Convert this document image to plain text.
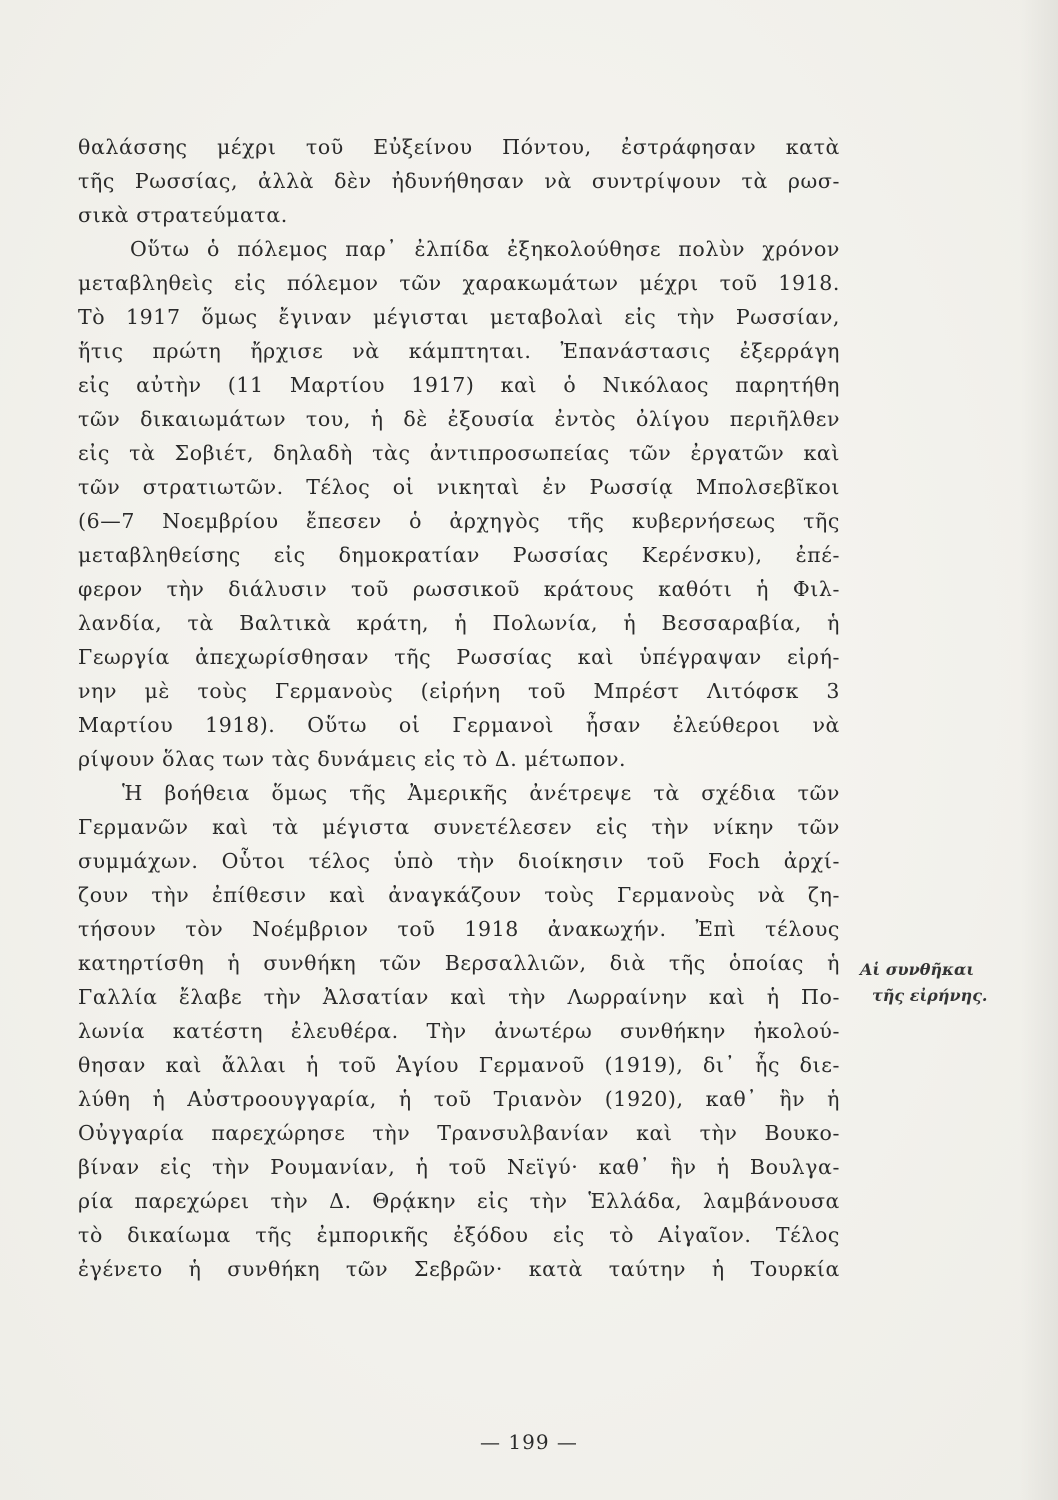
θαλάσσης μέχρι τοῦ Εὐξείνου Πόντου, ἐστράφησαν κατὰ
τῆς Ρωσσίας, ἀλλὰ δὲν ἠδυνήθησαν νὰ συντρίψουν τὰ ρωσ-
σικὰ στρατεύματα.
Οὕτω ὁ πόλεμος παρ᾽ ἐλπίδα ἐξηκολούθησε πολὺν χρόνον
μεταβληθεὶς εἰς πόλεμον τῶν χαρακωμάτων μέχρι τοῦ 1918.
Τὸ 1917 ὅμως ἔγιναν μέγισται μεταβολαὶ εἰς τὴν Ρωσσίαν,
ἥτις πρώτη ἤρχισε νὰ κάμπτηται. Ἐπανάστασις ἐξερράγη
εἰς αὐτὴν (11 Μαρτίου 1917) καὶ ὁ Νικόλαος παρητήθη
τῶν δικαιωμάτων του, ἡ δὲ ἐξουσία ἐντὸς ὀλίγου περιῆλθεν
εἰς τὰ Σοβιέτ, δηλαδὴ τὰς ἀντιπροσωπείας τῶν ἐργατῶν καὶ
τῶν στρατιωτῶν. Τέλος οἱ νικηταὶ ἐν Ρωσσίᾳ Μπολσεβῖκοι
(6—7 Νοεμβρίου ἔπεσεν ὁ ἀρχηγὸς τῆς κυβερνήσεως τῆς
μεταβληθείσης εἰς δημοκρατίαν Ρωσσίας Κερένσκυ), ἐπέ-
φερον τὴν διάλυσιν τοῦ ρωσσικοῦ κράτους καθότι ἡ Φιλ-
λανδία, τὰ Βαλτικὰ κράτη, ἡ Πολωνία, ἡ Βεσσαραβία, ἡ
Γεωργία ἀπεχωρίσθησαν τῆς Ρωσσίας καὶ ὑπέγραψαν εἰρή-
νην μὲ τοὺς Γερμανοὺς (εἰρήνη τοῦ Μπρέστ Λιτόφσκ 3
Μαρτίου 1918). Οὕτω οἱ Γερμανοὶ ἦσαν ἐλεύθεροι νὰ
ρίψουν ὅλας των τὰς δυνάμεις εἰς τὸ Δ. μέτωπον.
Ἡ βοήθεια ὅμως τῆς Ἀμερικῆς ἀνέτρεψε τὰ σχέδια τῶν
Γερμανῶν καὶ τὰ μέγιστα συνετέλεσεν εἰς τὴν νίκην τῶν
συμμάχων. Οὗτοι τέλος ὑπὸ τὴν διοίκησιν τοῦ Foch ἀρχί-
ζουν τὴν ἐπίθεσιν καὶ ἀναγκάζουν τοὺς Γερμανοὺς νὰ ζη-
τήσουν τὸν Νοέμβριον τοῦ 1918 ἀνακωχήν. Ἐπὶ τέλους
κατηρτίσθη ἡ συνθήκη τῶν Βερσαλλιῶν, διὰ τῆς ὁποίας ἡ
Γαλλία ἔλαβε τὴν Ἀλσατίαν καὶ τὴν Λωρραίνην καὶ ἡ Πο-
λωνία κατέστη ἐλευθέρα. Τὴν ἀνωτέρω συνθήκην ἠκολού-
θησαν καὶ ἄλλαι ἡ τοῦ Ἁγίου Γερμανοῦ (1919), δι᾽ ἧς διε-
λύθη ἡ Αὐστροουγγαρία, ἡ τοῦ Τριανὸν (1920), καθ᾽ ἣν ἡ
Οὐγγαρία παρεχώρησε τὴν Τρανσυλβανίαν καὶ τὴν Βουκο-
βίναν εἰς τὴν Ρουμανίαν, ἡ τοῦ Νεϊγύ· καθ᾽ ἣν ἡ Βουλγα-
ρία παρεχώρει τὴν Δ. Θρᾴκην εἰς τὴν Ἑλλάδα, λαμβάνουσα
τὸ δικαίωμα τῆς ἐμπορικῆς ἐξόδου εἰς τὸ Αἰγαῖον. Τέλος
ἐγένετο ἡ συνθήκη τῶν Σεβρῶν· κατὰ ταύτην ἡ Τουρκία
Αἱ συνθῆκαι
τῆς εἰρήνης.
— 199 —
